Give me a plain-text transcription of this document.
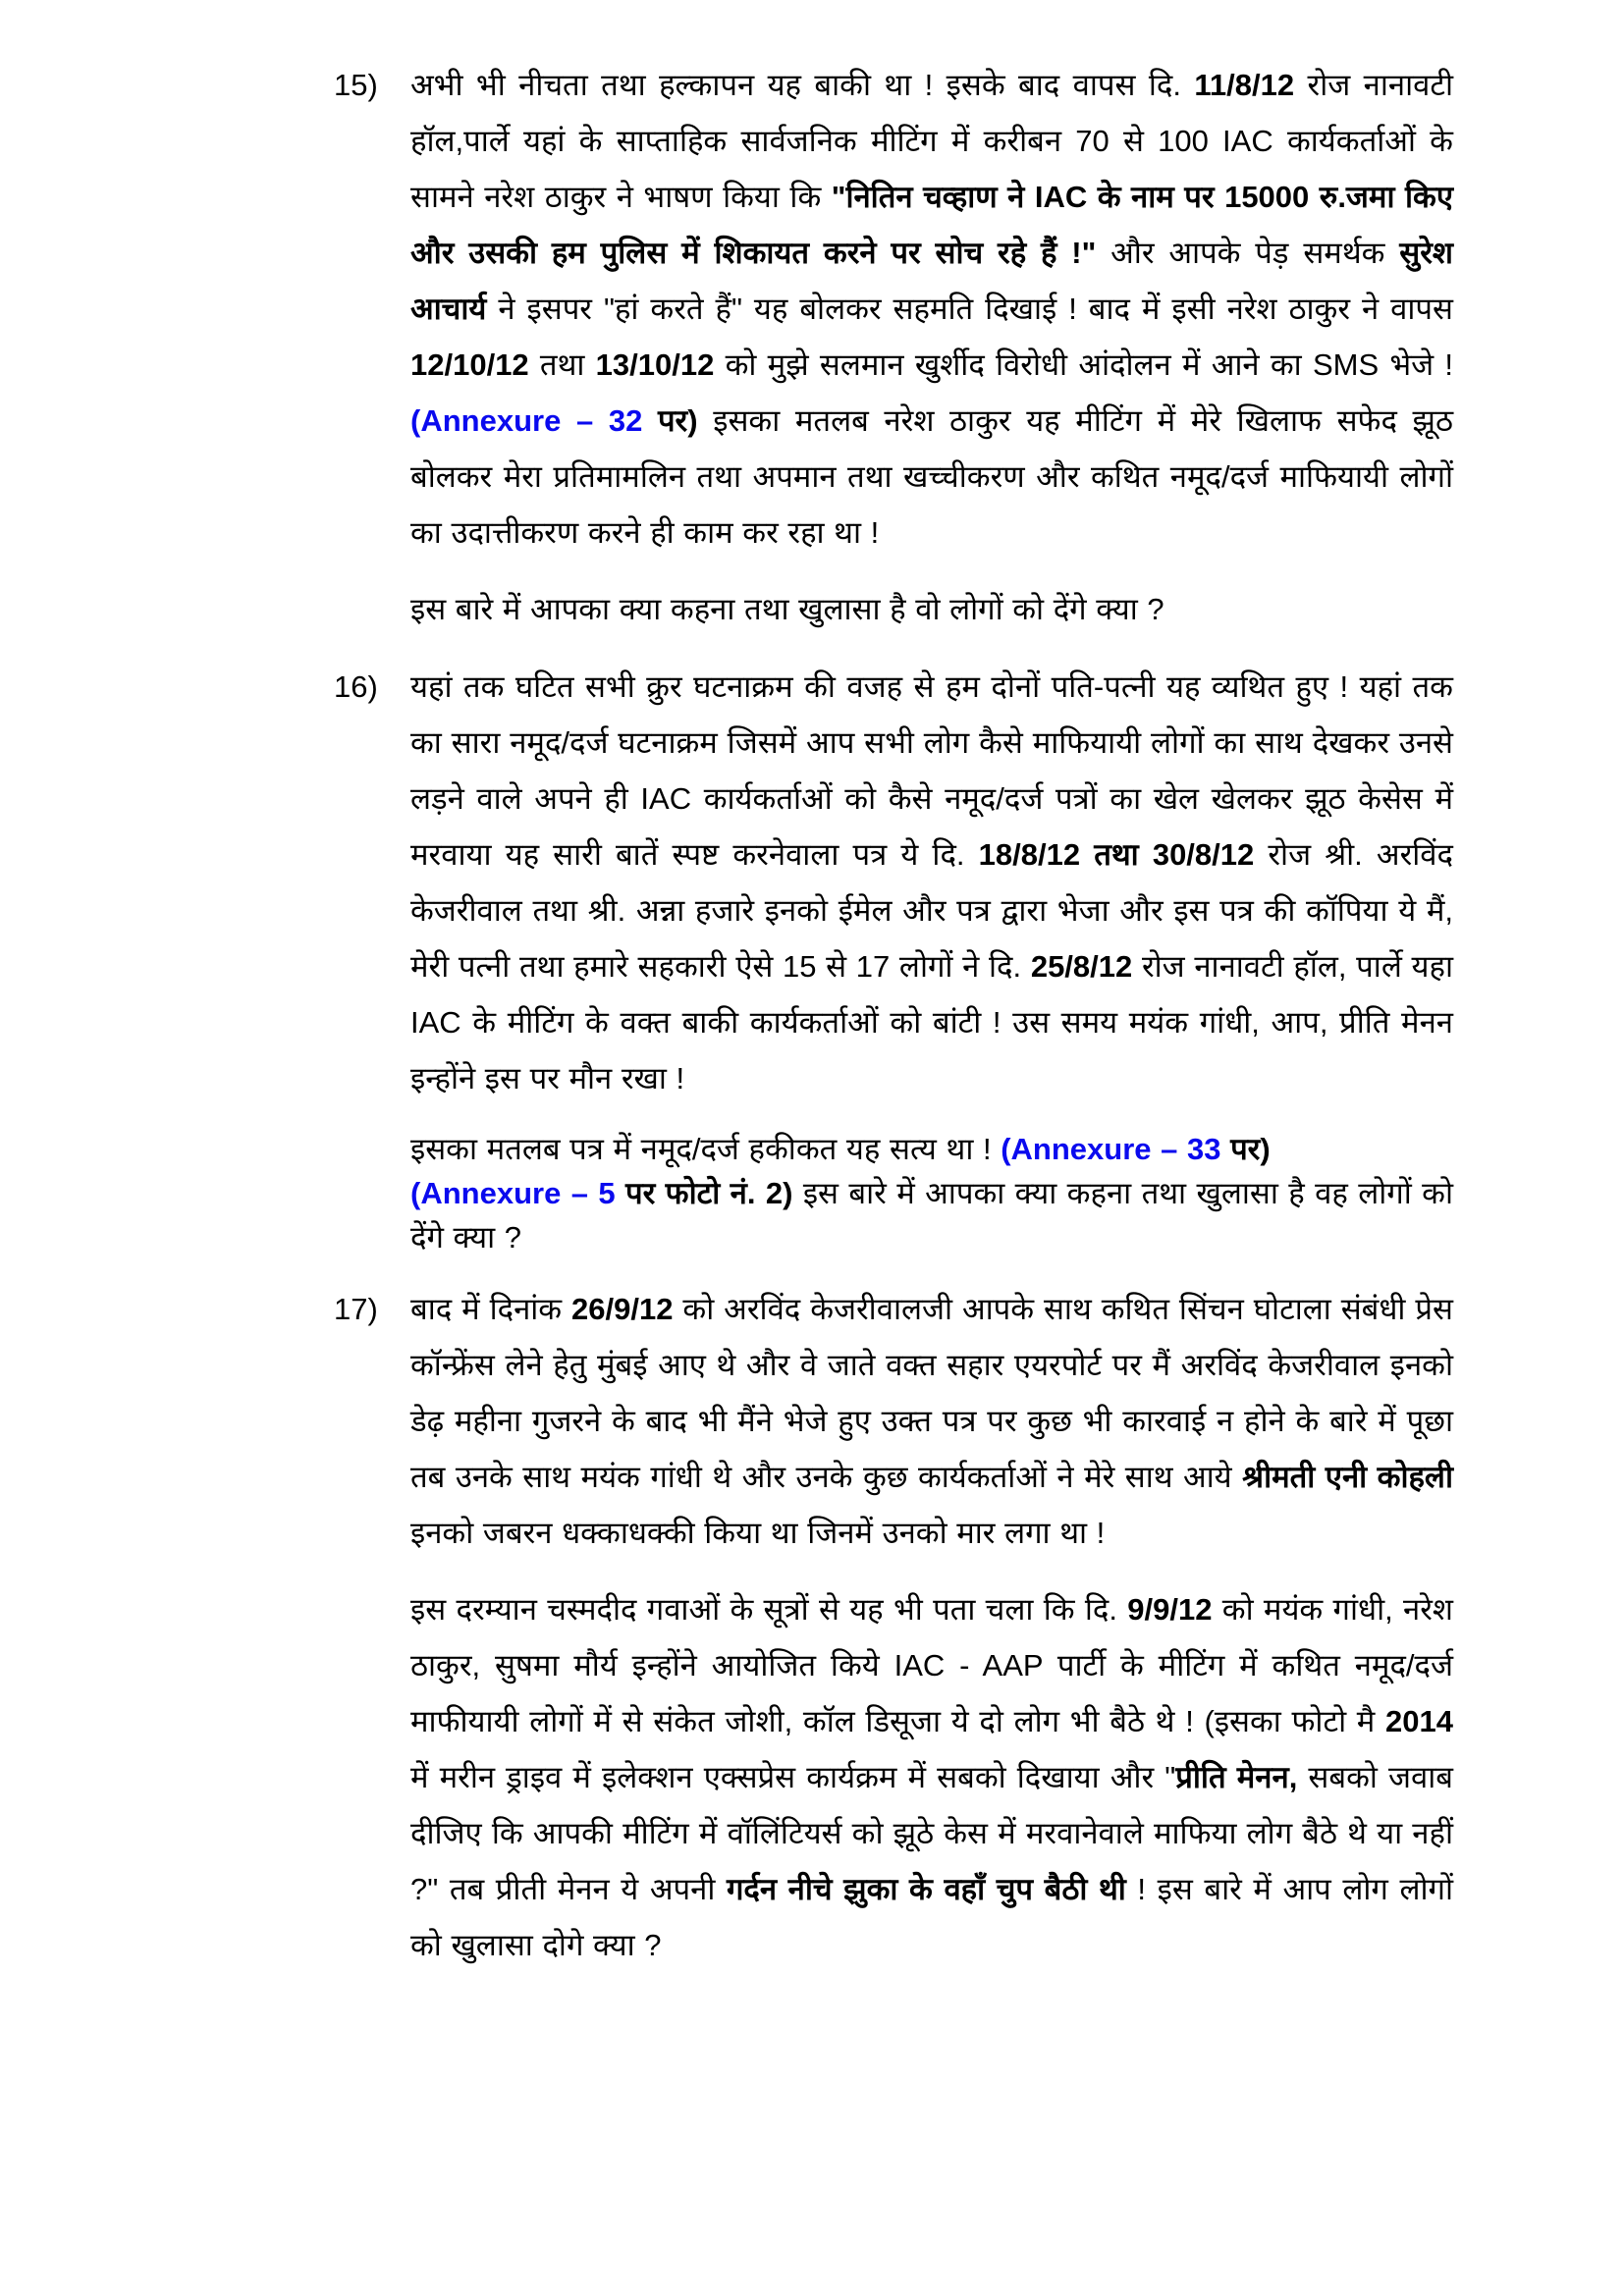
15)	अभी भी नीचता तथा हल्कापन यह बाकी था ! इसके बाद वापस दि. 11/8/12 रोज नानावटी हॉल,पार्ले यहां के साप्ताहिक सार्वजनिक मीटिंग में करीबन 70 से 100 IAC कार्यकर्ताओं के सामने नरेश ठाकुर ने भाषण किया कि "नितिन चव्हाण ने IAC के नाम पर 15000 रु.जमा किए और उसकी हम पुलिस में शिकायत करने पर सोच रहे हैं !" और आपके पेड़ समर्थक सुरेश आचार्य ने इसपर "हां करते हैं" यह बोलकर सहमति दिखाई ! बाद में इसी नरेश ठाकुर ने वापस 12/10/12 तथा 13/10/12 को मुझे सलमान खुर्शीद विरोधी आंदोलन में आने का SMS भेजे ! (Annexure – 32 पर) इसका मतलब नरेश ठाकुर यह मीटिंग में मेरे खिलाफ सफेद झूठ बोलकर मेरा प्रतिमामलिन तथा अपमान तथा खच्चीकरण और कथित नमूद/दर्ज माफियायी लोगों का उदात्तीकरण करने ही काम कर रहा था !

इस बारे में आपका क्या कहना तथा खुलासा है वो लोगों को देंगे क्या ?

16)	यहां तक घटित सभी क्रुर घटनाक्रम की वजह से हम दोनों पति-पत्नी यह व्यथित हुए ! यहां तक का सारा नमूद/दर्ज घटनाक्रम जिसमें आप सभी लोग कैसे माफियायी लोगों का साथ देखकर उनसे लड़ने वाले अपने ही IAC कार्यकर्ताओं को कैसे नमूद/दर्ज पत्रों का खेल खेलकर झूठ केसेस में मरवाया यह सारी बातें स्पष्ट करनेवाला पत्र ये दि. 18/8/12 तथा 30/8/12 रोज श्री. अरविंद केजरीवाल तथा श्री. अन्ना हजारे इनको ईमेल और पत्र द्वारा भेजा और इस पत्र की कॉपिया ये मैं, मेरी पत्नी तथा हमारे सहकारी ऐसे 15 से 17 लोगों ने दि. 25/8/12 रोज नानावटी हॉल, पार्ले यहा IAC के मीटिंग के वक्त बाकी कार्यकर्ताओं को बांटी ! उस समय मयंक गांधी, आप, प्रीति मेनन इन्होंने इस पर मौन रखा !

इसका मतलब पत्र में नमूद/दर्ज हकीकत यह सत्य था ! (Annexure – 33 पर)
(Annexure – 5 पर फोटो नं. 2) इस बारे में आपका क्या कहना तथा खुलासा है वह लोगों को देंगे क्या ?

17)	बाद में दिनांक 26/9/12 को अरविंद केजरीवालजी आपके साथ कथित सिंचन घोटाला संबंधी प्रेस कॉन्फ्रेंस लेने हेतु मुंबई आए थे और वे जाते वक्त सहार एयरपोर्ट पर मैं अरविंद केजरीवाल इनको डेढ़ महीना गुजरने के बाद भी मैंने भेजे हुए उक्त पत्र पर कुछ भी कारवाई न होने के बारे में पूछा तब उनके साथ मयंक गांधी थे और उनके कुछ कार्यकर्ताओं ने मेरे साथ आये श्रीमती एनी कोहली इनको जबरन धक्काधक्की किया था जिनमें उनको मार लगा था !

इस दरम्यान चस्मदीद गवाओं के सूत्रों से यह भी पता चला कि दि. 9/9/12 को मयंक गांधी, नरेश ठाकुर, सुषमा मौर्य इन्होंने आयोजित किये IAC - AAP पार्टी के मीटिंग में कथित नमूद/दर्ज माफीयायी लोगों में से संकेत जोशी, कॉल डिसूजा ये दो लोग भी बैठे थे ! (इसका फोटो मै 2014 में मरीन ड्राइव में इलेक्शन एक्सप्रेस कार्यक्रम में सबको दिखाया और "प्रीति मेनन, सबको जवाब दीजिए कि आपकी मीटिंग में वॉलिंटियर्स को झूठे केस में मरवानेवाले माफिया लोग बैठे थे या नहीं ?" तब प्रीती मेनन ये अपनी गर्दन नीचे झुका के वहाँ चुप बैठी थी ! इस बारे में आप लोग लोगों को खुलासा दोगे क्या ?
